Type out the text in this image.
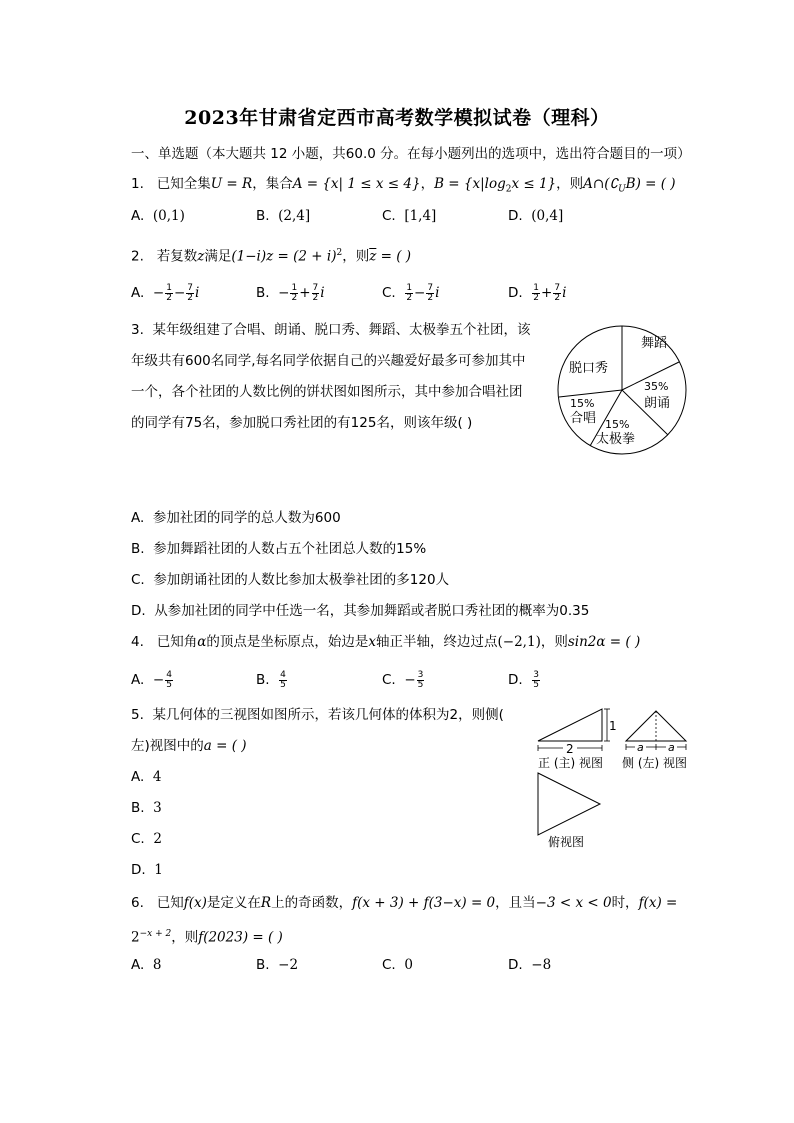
2023年甘肃省定西市高考数学模拟试卷（理科）
一、单选题（本大题共 12 小题，共60.0 分。在每小题列出的选项中，选出符合题目的一项）
1. 已知全集U = R，集合A = {x| 1 ≤ x ≤ 4}，$B = \{x|\log_2x \le 1\}$，则$A\cap(∁_UB)$ = ( )
A. (0,1)	B. (2,4]	C. [1,4]	D. (0,4]
2. 若复数z满足$(1-i)z = (2 + i)^2$，则$\overline{z}$ = ( )
A. − $\frac{1}{2} - \frac{7}{2}$ i	B. − $\frac{1}{2} + \frac{7}{2}$ i	C. $\frac{1}{2} - \frac{7}{2}$ i	D. $\frac{1}{2} + \frac{7}{2}$ i
3. 某年级组建了合唱、朗诵、脱口秀、舞蹈、太极拳五个社团，该
年级共有600名同学,每名同学依据自己的兴趣爱好最多可参加其中
一个，各个社团的人数比例的饼状图如图所示，其中参加合唱社团
的同学有75名，参加脱口秀社团的有125名，则该年级( )
舞蹈
脱口秀
35%
朗诵
15%
合唱 15%
太极拳
A. 参加社团的同学的总人数为600
B. 参加舞蹈社团的人数占五个社团总人数的15%
C. 参加朗诵社团的人数比参加太极拳社团的多120人
D. 从参加社团的同学中任选一名，其参加舞蹈或者脱口秀社团的概率为0.35
4. 已知角α的顶点是坐标原点，始边是x轴正半轴，终边过点(−2,1)，则sin2α = ( )
A. − $\frac{4}{5}$	B. $\frac{4}{5}$	C. − $\frac{3}{5}$	D. $\frac{3}{5}$
5. 某几何体的三视图如图所示，若该几何体的体积为2，则侧(
左)视图中的a = ( )
A. 4
B. 3
C. 2
D. 1
1
2
正 (主) 视图
a a
侧 (左) 视图
俯视图
6. 已知f(x)是定义在R上的奇函数，f(x + 3) + f(3−x) = 0，且当−3 < x < 0时，f(x) =
$2^{-x + 2}$，则f(2023) = ( )
A. 8	B. −2	C. 0	D. −8
